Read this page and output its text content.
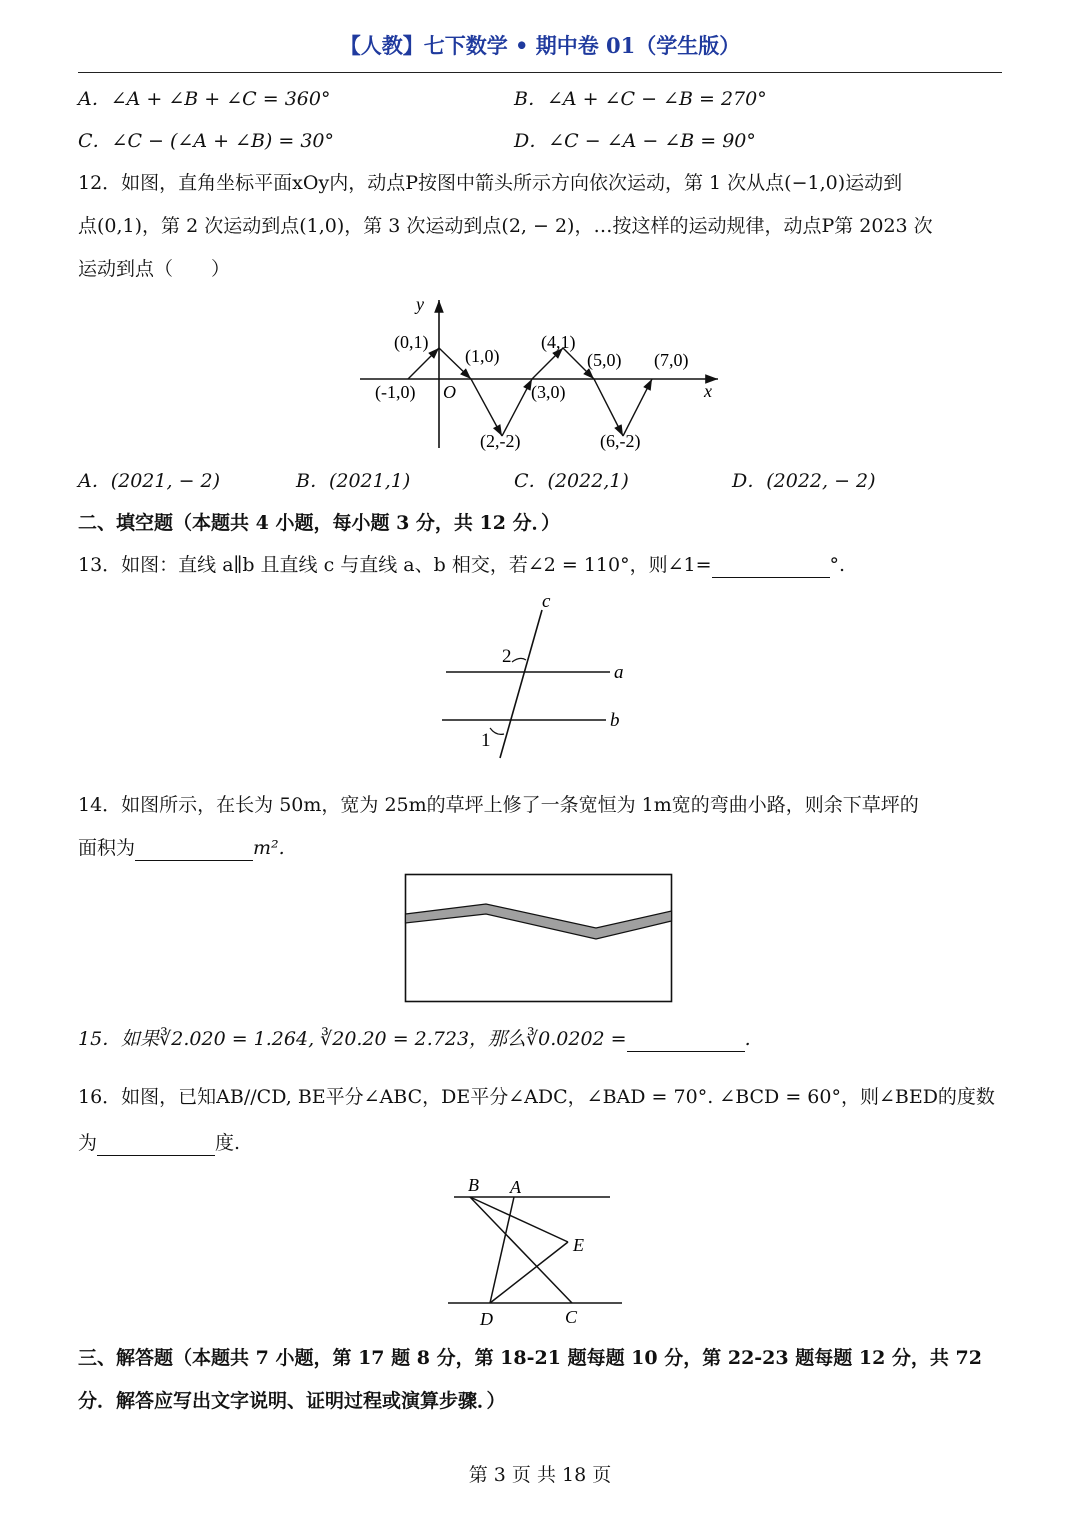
【人教】七下数学 • 期中卷 01（学生版）
A．∠A + ∠B + ∠C = 360°	B．∠A + ∠C − ∠B = 270°
C．∠C − (∠A + ∠B) = 30°	D．∠C − ∠A − ∠B = 90°
12．如图，直角坐标平面xOy内，动点P按图中箭头所示方向依次运动，第 1 次从点(−1,0)运动到
点(0,1)，第 2 次运动到点(1,0)，第 3 次运动到点(2, − 2)，…按这样的运动规律，动点P第 2023 次
运动到点（　　）
y
x
O
(0,1)
(1,0)
(4,1)
(5,0) (7,0)
(-1,0)	(3,0)
(2,-2)	(6,-2)
A．(2021, − 2)	B．(2021,1)	C．(2022,1)	D．(2022, − 2)
二、填空题（本题共 4 小题，每小题 3 分，共 12 分．）
13．如图：直线 a∥b 且直线 c 与直线 a、b 相交，若∠2 = 110°，则∠1=	°.
c
a
b
2
1
14．如图所示，在长为 50m，宽为 25m的草坪上修了一条宽恒为 1m宽的弯曲小路，则余下草坪的
面积为	m².
15．如果∛2.020 = 1.264, ∛20.20 = 2.723，那么∛0.0202 =	.
16．如图，已知AB//CD, BE平分∠ABC，DE平分∠ADC，∠BAD = 70°. ∠BCD = 60°，则∠BED的度数
为	度.
B A
E
D	C
三、解答题（本题共 7 小题，第 17 题 8 分，第 18-21 题每题 10 分，第 22-23 题每题 12 分，共 72
分．解答应写出文字说明、证明过程或演算步骤．）
第 3 页 共 18 页
